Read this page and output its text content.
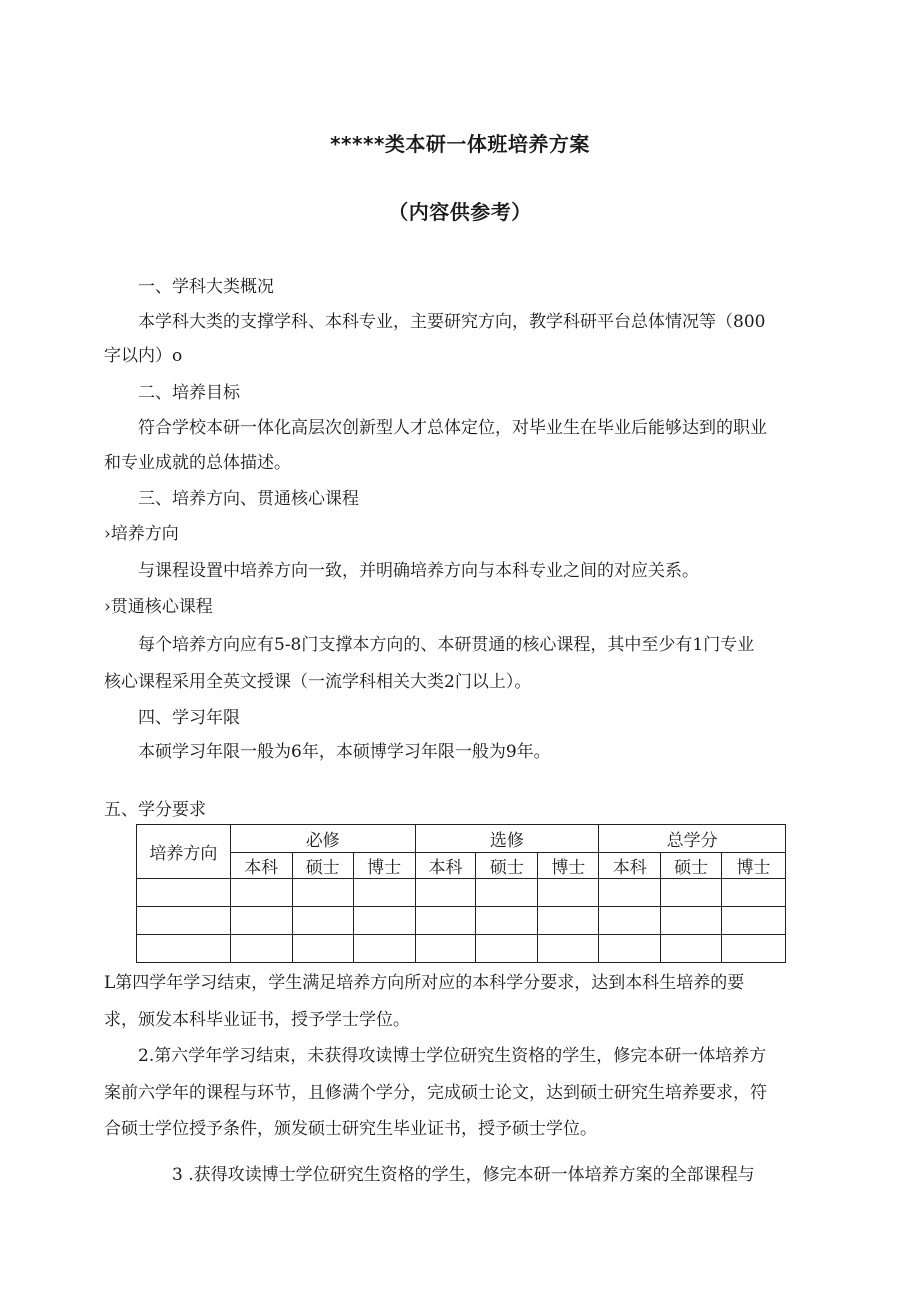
*****类本研一体班培养方案
（内容供参考）
一、学科大类概况
本学科大类的支撑学科、本科专业，主要研究方向，教学科研平台总体情况等（800
字以内）o
二、培养目标
符合学校本研一体化高层次创新型人才总体定位，对毕业生在毕业后能够达到的职业
和专业成就的总体描述。
三、培养方向、贯通核心课程
›培养方向
与课程设置中培养方向一致，并明确培养方向与本科专业之间的对应关系。
›贯通核心课程
每个培养方向应有5-8门支撑本方向的、本研贯通的核心课程，其中至少有1门专业
核心课程采用全英文授课（一流学科相关大类2门以上）。
四、学习年限
本硕学习年限一般为6年，本硕博学习年限一般为9年。
五、学分要求
培养方向	必修			选修			总学分		
	本科	硕士	博士	本科	硕士	博士	本科	硕士	博士

L第四学年学习结束，学生满足培养方向所对应的本科学分要求，达到本科生培养的要
求，颁发本科毕业证书，授予学士学位。
2.第六学年学习结束，未获得攻读博士学位研究生资格的学生，修完本研一体培养方
案前六学年的课程与环节，且修满个学分，完成硕士论文，达到硕士研究生培养要求，符
合硕士学位授予条件，颁发硕士研究生毕业证书，授予硕士学位。
3 .获得攻读博士学位研究生资格的学生，修完本研一体培养方案的全部课程与
